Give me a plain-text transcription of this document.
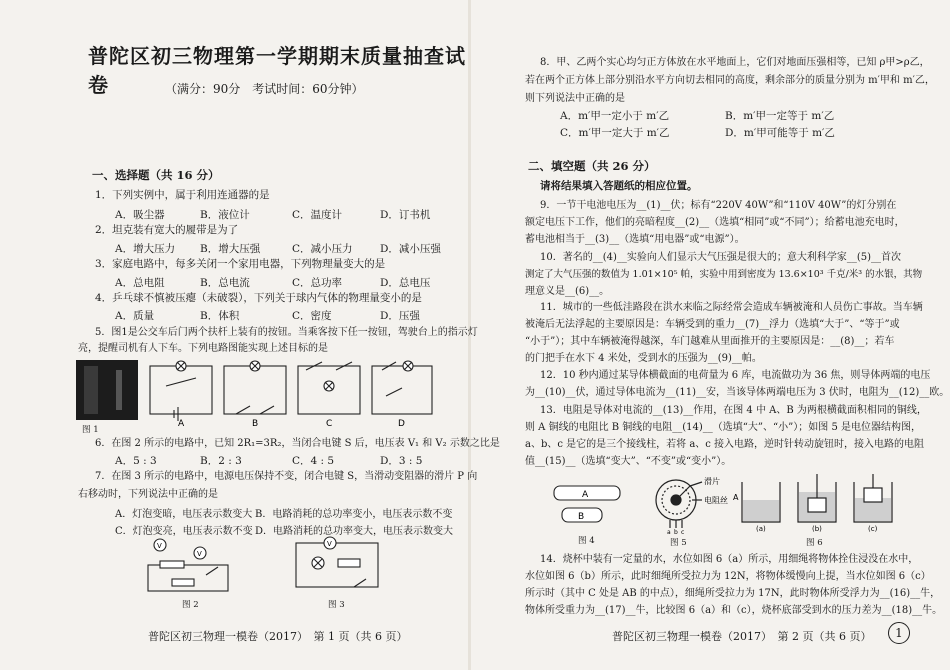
普陀区初三物理第一学期期末质量抽查试卷	（满分：90分　考试时间：60分钟）
一、选择题（共 16 分）
1．下列实例中，属于利用连通器的是
A．吸尘器	B．液位计	C．温度计	D．订书机
2．坦克装有宽大的履带是为了
A．增大压力 B．增大压强	C．减小压力	D．减小压强
3．家庭电路中，每多关闭一个家用电器，下列物理量变大的是
A．总电阻	B．总电流	C．总功率	D．总电压
4．乒乓球不慎被压瘪（未破裂），下列关于球内气体的物理量变小的是
A．质量	B．体积	C．密度	D．压强
5．图1是公交车后门两个扶杆上装有的按钮。当乘客按下任一按钮，驾驶台上的指示灯
亮，提醒司机有人下车。下列电路图能实现上述目标的是
图 1
A	B	C	D
6．在图 2 所示的电路中，已知 2R₁=3R₂，当闭合电键 S 后，电压表 V₁ 和 V₂ 示数之比是
A．5 : 3	B．2 : 3	C．4 : 5	D．3 : 5
7．在图 3 所示的电路中，电源电压保持不变，闭合电键 S，当滑动变阻器的滑片 P 向
右移动时，下列说法中正确的是
A．灯泡变暗，电压表示数变大 B．电路消耗的总功率变小，电压表示数不变
C．灯泡变亮，电压表示数不变 D．电路消耗的总功率变大，电压表示数变大
V
V
图 2
V
图 3
普陀区初三物理一模卷（2017）　第 1 页（共 6 页）
8．甲、乙两个实心均匀正方体放在水平地面上，它们对地面压强相等，已知 ρ甲>ρ乙，
若在两个正方体上部分别沿水平方向切去相同的高度，剩余部分的质量分别为 m′甲和 m′乙，
则下列说法中正确的是
A．m′甲一定小于 m′乙	B．m′甲一定等于 m′乙
C．m′甲一定大于 m′乙	D．m′甲可能等于 m′乙
二、填空题（共 26 分）
请将结果填入答题纸的相应位置。
9．一节干电池电压为__(1)__伏；标有“220V 40W”和“110V 40W”的灯分别在
额定电压下工作，他们的亮暗程度__(2)__（选填“相同”或“不同”）；给蓄电池充电时，
蓄电池相当于__(3)__（选填“用电器”或“电源”）。
10．著名的__(4)__实验向人们显示大气压强是很大的；意大利科学家__(5)__首次
测定了大气压强的数值为 1.01×10⁵ 帕，实验中用到密度为 13.6×10³ 千克/米³ 的水银，其物
理意义是__(6)__。
11．城市的一些低洼路段在洪水来临之际经常会造成车辆被淹和人员伤亡事故。当车辆
被淹后无法浮起的主要原因是：车辆受到的重力__(7)__浮力（选填“大于”、“等于”或
“小于”）；其中车辆被淹得越深，车门越难从里面推开的主要原因是：__(8)__；若车
的门把手在水下 4 米处，受到水的压强为__(9)__帕。
12．10 秒内通过某导体横截面的电荷量为 6 库，电流做功为 36 焦，则导体两端的电压
为__(10)__伏，通过导体电流为__(11)__安，当该导体两端电压为 3 伏时，电阻为__(12)__欧。
13．电阻是导体对电流的__(13)__作用，在图 4 中 A、B 为两根横截面积相同的铜线，
则 A 铜线的电阻比 B 铜线的电阻__(14)__（选填“大”、“小”）；如图 5 是电位器结构图，
a、b、c 是它的是三个接线柱，若将 a、c 接入电路，逆时针转动旋钮时，接入电路的电阻
值__(15)__（选填“变大”、“不变”或“变小”）。
A
B
图 4
滑片
电阻丝
a b c
图 5
A
(a)	(b)	(c)
图 6
14．烧杯中装有一定量的水，水位如图 6（a）所示，用细绳将物体拴住浸没在水中，
水位如图 6（b）所示，此时细绳所受拉力为 12N，将物体缓慢向上提，当水位如图 6（c）
所示时（其中 C 处是 AB 的中点），细绳所受拉力为 17N，此时物体所受浮力为__(16)__牛，
物体所受重力为__(17)__牛，比较图 6（a）和（c），烧杯底部受到水的压力差为__(18)__牛。
普陀区初三物理一模卷（2017）　第 2 页（共 6 页）	1
